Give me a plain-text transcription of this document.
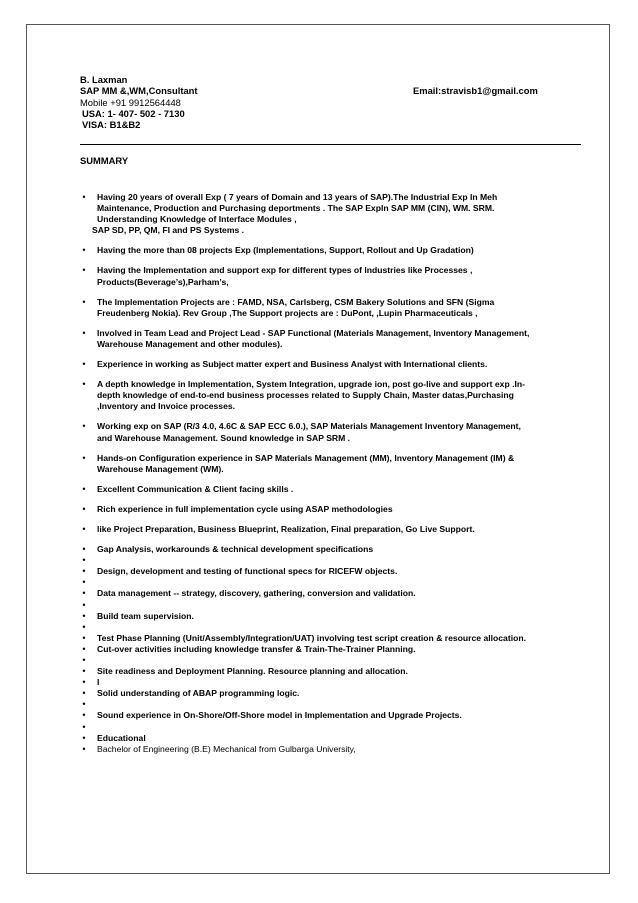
B. Laxman
SAP MM &,WM,Consultant	Email:stravisb1@gmail.com
Mobile +91 9912564448
USA: 1- 407- 502 - 7130
VISA: B1&B2
SUMMARY
• Having 20 years of overall Exp ( 7 years of Domain and 13 years of SAP).The Industrial Exp In Meh
Maintenance, Production and Purchasing deportments . The SAP Expln SAP MM (CIN), WM. SRM.
Understanding Knowledge of Interface Modules ,
SAP SD, PP, QM, FI and PS Systems .
• Having the more than 08 projects Exp (Implementations, Support, Rollout and Up Gradation)
• Having the Implementation and support exp for different types of Industries like Processes ,
Products(Beverage’s),Parham’s,
• The Implementation Projects are : FAMD, NSA, Carlsberg, CSM Bakery Solutions and SFN (Sigma
Freudenberg Nokia). Rev Group ,The Support projects are : DuPont, ,Lupin Pharmaceuticals ,
• Involved in Team Lead and Project Lead - SAP Functional (Materials Management, Inventory Management,
Warehouse Management and other modules).
• Experience in working as Subject matter expert and Business Analyst with International clients.
• A depth knowledge in Implementation, System Integration, upgrade ion, post go-live and support exp .In-
depth knowledge of end-to-end business processes related to Supply Chain, Master datas,Purchasing
,Inventory and Invoice processes.
• Working exp on SAP (R/3 4.0, 4.6C & SAP ECC 6.0.), SAP Materials Management Inventory Management,
and Warehouse Management. Sound knowledge in SAP SRM .
• Hands-on Configuration experience in SAP Materials Management (MM), Inventory Management (IM) &
Warehouse Management (WM).
• Excellent Communication & Client facing skills .
• Rich experience in full implementation cycle using ASAP methodologies
• like Project Preparation, Business Blueprint, Realization, Final preparation, Go Live Support.
• Gap Analysis, workarounds & technical development specifications
•

• Design, development and testing of functional specs for RICEFW objects.
•

• Data management -- strategy, discovery, gathering, conversion and validation.
•

• Build team supervision.
•

• Test Phase Planning (Unit/Assembly/Integration/UAT) involving test script creation & resource allocation.
• Cut-over activities including knowledge transfer & Train-The-Trainer Planning.
•

• Site readiness and Deployment Planning. Resource planning and allocation.
• I
• Solid understanding of ABAP programming logic.
•

• Sound experience in On-Shore/Off-Shore model in Implementation and Upgrade Projects.
•

• Educational
• Bachelor of Engineering (B.E) Mechanical from Gulbarga University,
